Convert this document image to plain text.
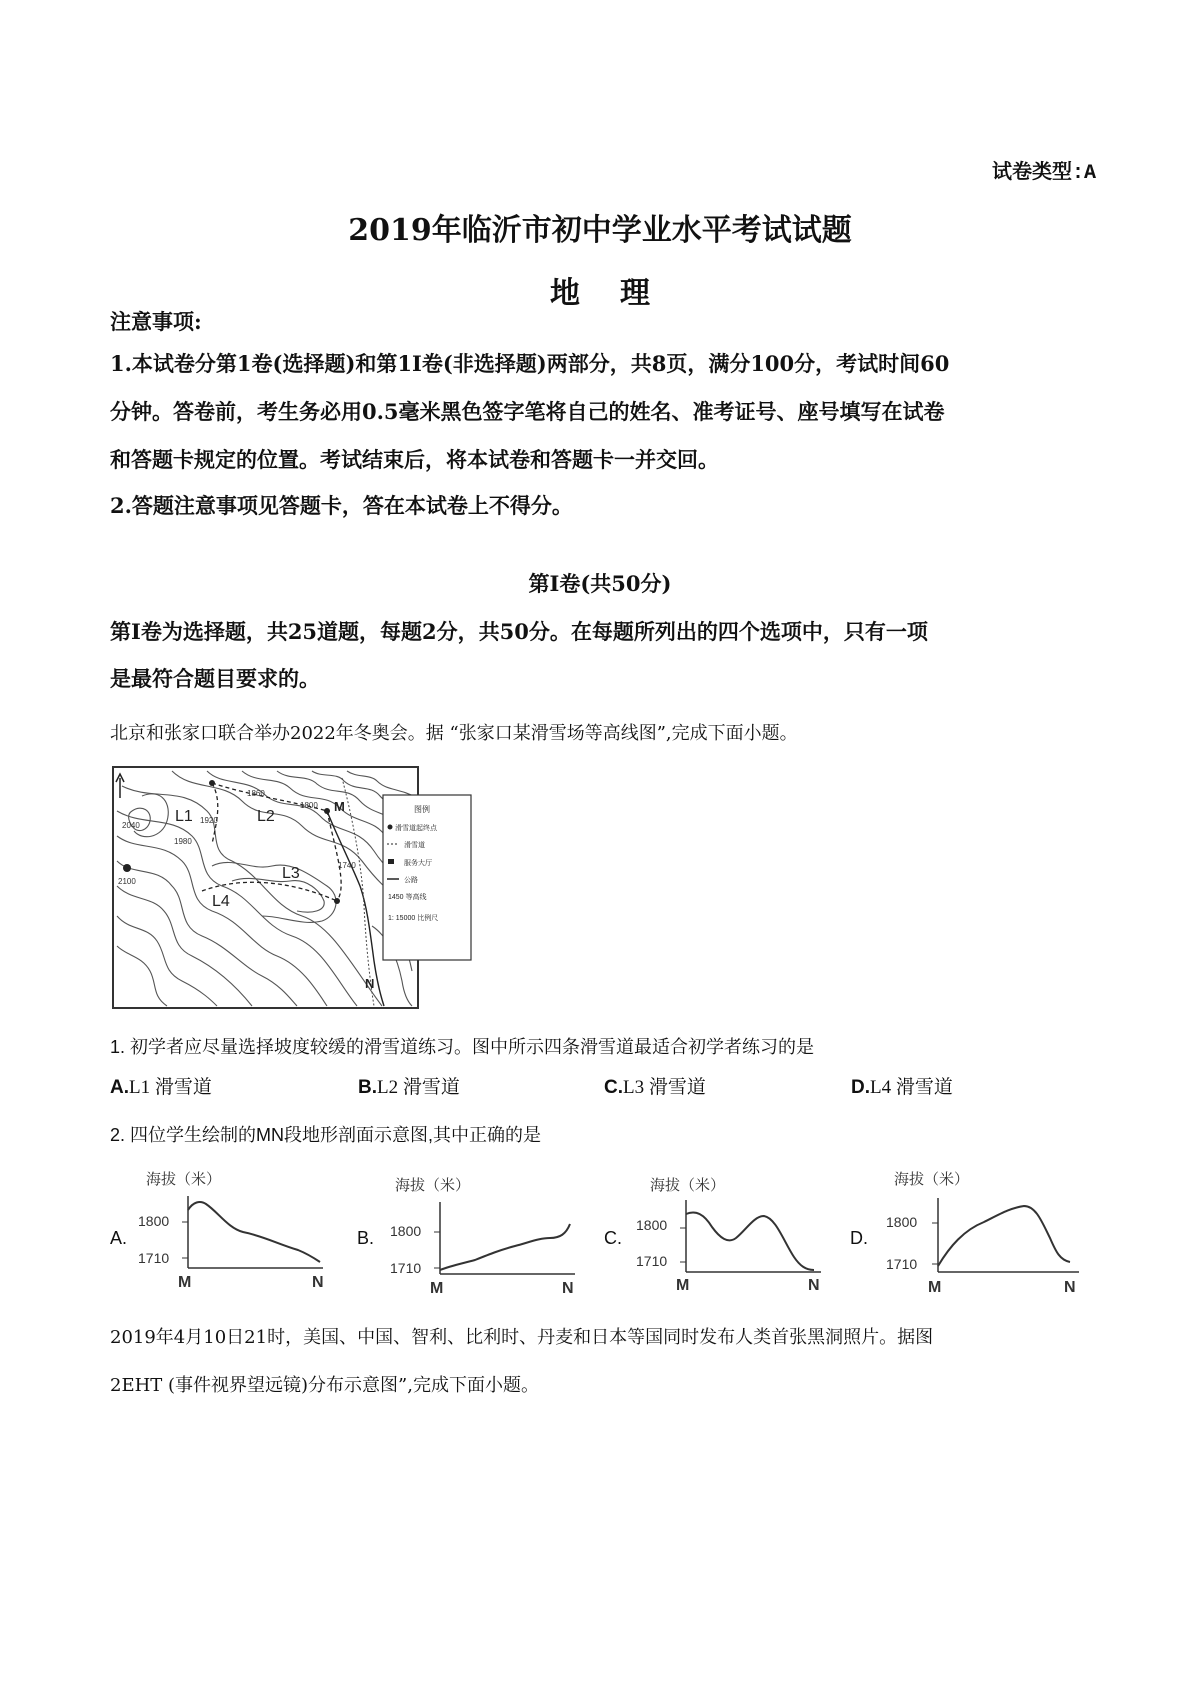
试卷类型:A
2019年临沂市初中学业水平考试试题
地理
注意事项:
1.本试卷分第1卷(选择题)和第1I卷(非选择题)两部分，共8页，满分100分，考试时间60
分钟。答卷前，考生务必用0.5毫米黑色签字笔将自己的姓名、准考证号、座号填写在试卷
和答题卡规定的位置。考试结束后，将本试卷和答题卡一并交回。
2.答题注意事项见答题卡，答在本试卷上不得分。
第I卷(共50分)
第I卷为选择题，共25道题，每题2分，共50分。在每题所列出的四个选项中，只有一项
是最符合题目要求的。
北京和张家口联合举办2022年冬奥会。据 “张家口某滑雪场等高线图”,完成下面小题。
L1	L2
L3
L4
M
N
2040
1980
1920
1860
1800
2100
1740
图例
滑雪道起终点
滑雪道
服务大厅
公路
1450 等高线
1: 15000 比例尺
1. 初学者应尽量选择坡度较缓的滑雪道练习。图中所示四条滑雪道最适合初学者练习的是
A.L1 滑雪道	B.L2 滑雪道	C.L3 滑雪道	D.L4 滑雪道
2. 四位学生绘制的MN段地形剖面示意图,其中正确的是
A.
海拔（米）
1800
1710
M	N
B.
海拔（米）
1800
1710
M	N
C.
海拔（米）
1800
1710
M	N
D.
海拔（米）
1800
1710
M	N
2019年4月10日21时，美国、中国、智利、比利时、丹麦和日本等国同时发布人类首张黑洞照片。据图
2EHT (事件视界望远镜)分布示意图”,完成下面小题。
